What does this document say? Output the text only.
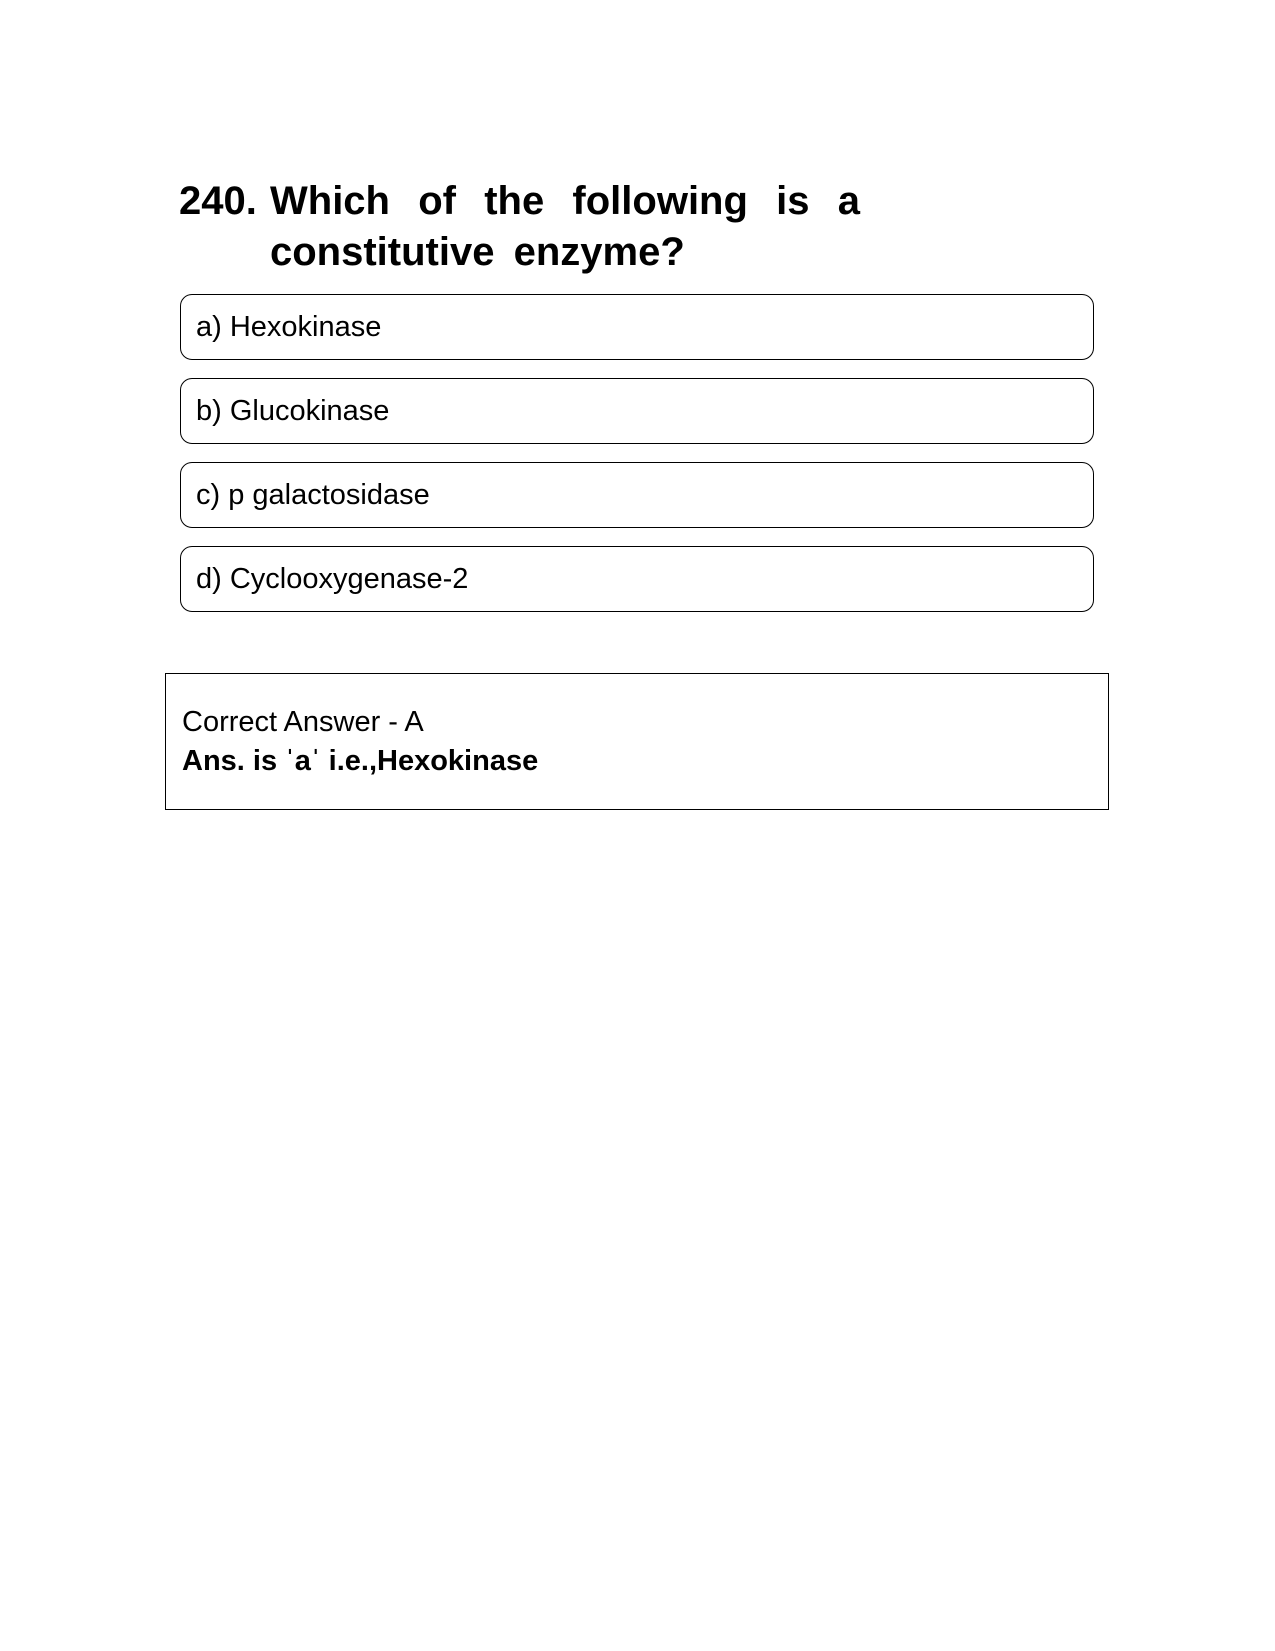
240. Which of the following is a constitutive enzyme?
a) Hexokinase
b) Glucokinase
c) p galactosidase
d) Cyclooxygenase-2
Correct Answer - A
Ans. is ˈaˈ i.e.,Hexokinase
